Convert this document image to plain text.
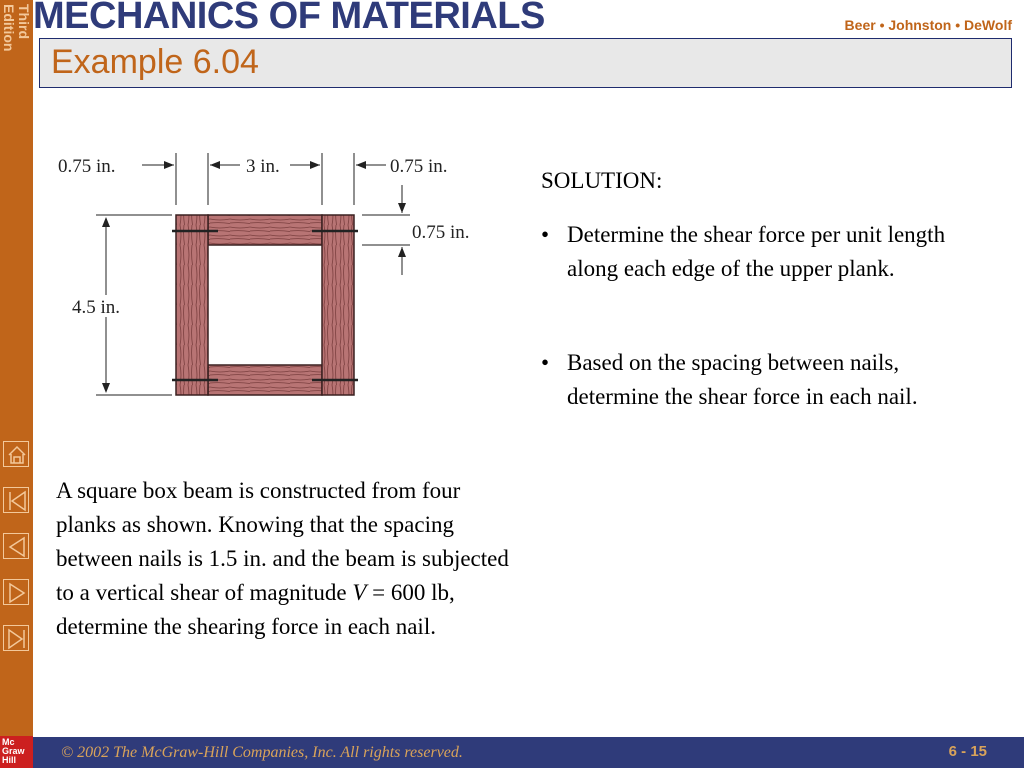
Third
Edition
Mc
Graw
Hill
MECHANICS OF MATERIALS	Beer • Johnston • DeWolf
Example 6.04
0.75 in.	3 in.	0.75 in.
0.75 in.
4.5 in.
A square box beam is constructed from four planks as shown. Knowing that the spacing between nails is 1.5 in. and the beam is subjected to a vertical shear of magnitude V = 600 lb, determine the shearing force in each nail.
SOLUTION:
• Determine the shear force per unit length along each edge of the upper plank.
• Based on the spacing between nails, determine the shear force in each nail.
© 2002 The McGraw-Hill Companies, Inc. All rights reserved.	6 - 15
